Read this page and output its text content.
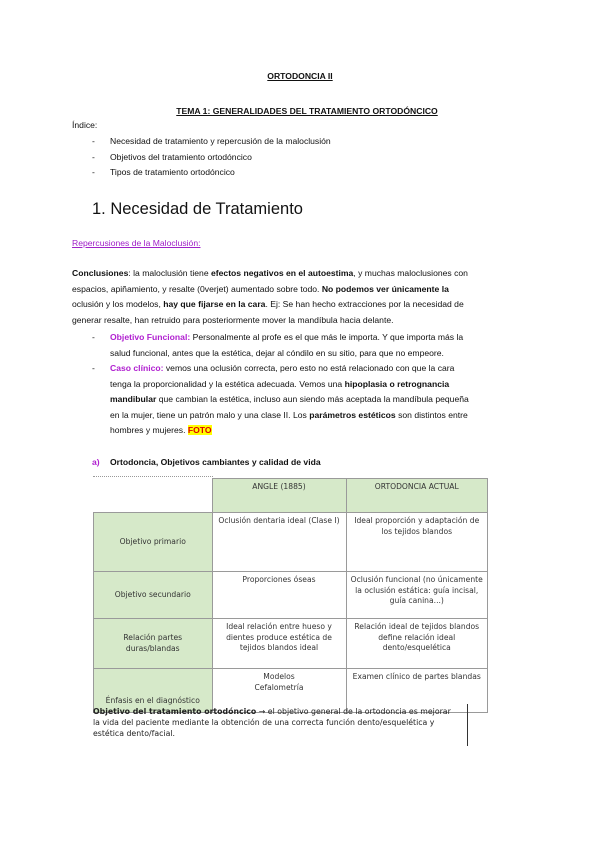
ORTODONCIA II
TEMA 1: GENERALIDADES DEL TRATAMIENTO ORTODÓNCICO
Índice:
- Necesidad de tratamiento y repercusión de la maloclusión
- Objetivos del tratamiento ortodóncico
- Tipos de tratamiento ortodóncico
1. Necesidad de Tratamiento
Repercusiones de la Maloclusión:
Conclusiones: la maloclusión tiene efectos negativos en el autoestima, y muchas maloclusiones con
espacios, apiñamiento, y resalte (0verjet) aumentado sobre todo. No podemos ver únicamente la
oclusión y los modelos, hay que fijarse en la cara. Ej: Se han hecho extracciones por la necesidad de
generar resalte, han retruido para posteriormente mover la mandíbula hacia delante.
- Objetivo Funcional: Personalmente al profe es el que más le importa. Y que importa más la
salud funcional, antes que la estética, dejar al cóndilo en su sitio, para que no empeore.
- Caso clínico: vemos una oclusión correcta, pero esto no está relacionado con que la cara
tenga la proporcionalidad y la estética adecuada. Vemos una hipoplasia o retrognancia
mandibular que cambian la estética, incluso aun siendo más aceptada la mandíbula pequeña
en la mujer, tiene un patrón malo y una clase II. Los parámetros estéticos son distintos entre
hombres y mujeres. FOTO
a) Ortodoncia, Objetivos cambiantes y calidad de vida
	ANGLE (1885)	ORTODONCIA ACTUAL
Objetivo primario	Oclusión dentaria ideal (Clase I)	Ideal proporción y adaptación de los tejidos blandos
Objetivo secundario	Proporciones óseas	Oclusión funcional (no únicamente la oclusión estática: guía incisal, guía canina...)
Relación partes duras/blandas	Ideal relación entre hueso y dientes produce estética de tejidos blandos ideal	Relación ideal de tejidos blandos define relación ideal dento/esquelética
Énfasis en el diagnóstico	Modelos Cefalometría	Examen clínico de partes blandas
Objetivo del tratamiento ortodóncico → el objetivo general de la ortodoncia es mejorar
la vida del paciente mediante la obtención de una correcta función dento/esquelética y
estética dento/facial.
